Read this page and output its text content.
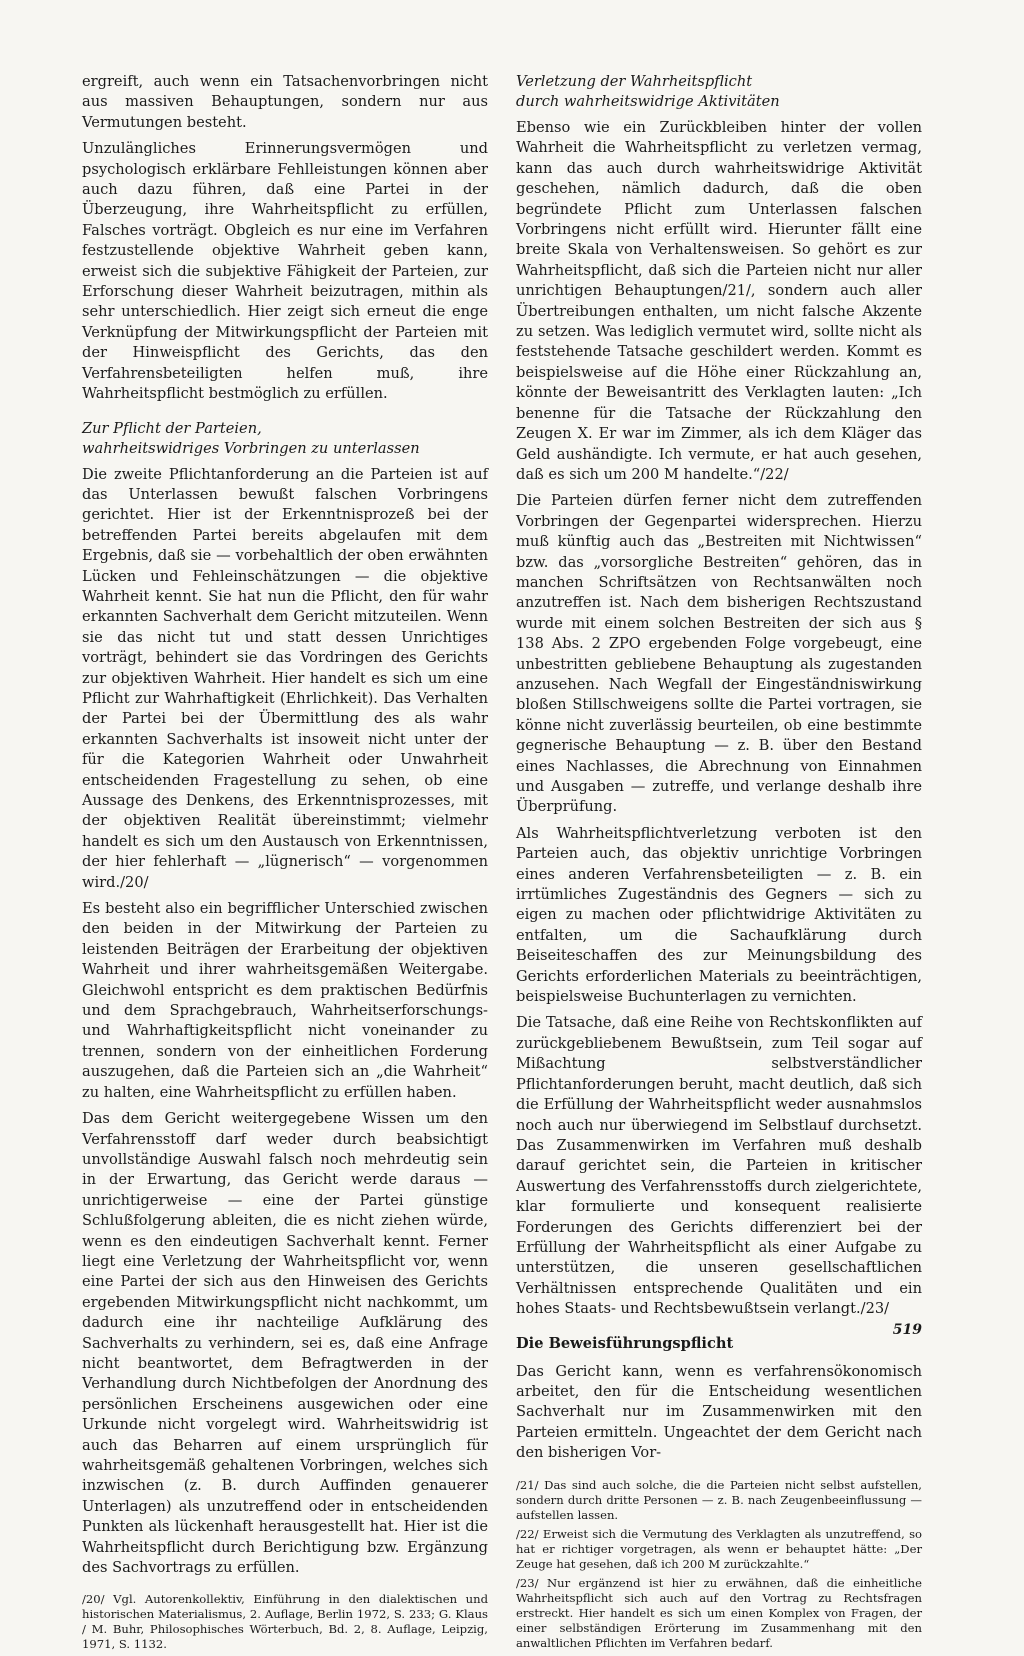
ergreift, auch wenn ein Tatsachenvorbringen nicht aus massiven Behauptungen, sondern nur aus Vermutungen besteht.

Unzulängliches Erinnerungsvermögen und psychologisch erklärbare Fehlleistungen können aber auch dazu führen, daß eine Partei in der Überzeugung, ihre Wahrheitspflicht zu erfüllen, Falsches vorträgt. Obgleich es nur eine im Verfahren festzustellende objektive Wahrheit geben kann, erweist sich die subjektive Fähigkeit der Parteien, zur Erforschung dieser Wahrheit beizutragen, mithin als sehr unterschiedlich. Hier zeigt sich erneut die enge Verknüpfung der Mitwirkungspflicht der Parteien mit der Hinweispflicht des Gerichts, das den Verfahrensbeteiligten helfen muß, ihre Wahrheitspflicht bestmöglich zu erfüllen.

Zur Pflicht der Parteien,
wahrheitswidriges Vorbringen zu unterlassen

Die zweite Pflichtanforderung an die Parteien ist auf das Unterlassen bewußt falschen Vorbringens gerichtet. Hier ist der Erkenntnisprozeß bei der betreffenden Partei bereits abgelaufen mit dem Ergebnis, daß sie — vorbehaltlich der oben erwähnten Lücken und Fehleinschätzungen — die objektive Wahrheit kennt. Sie hat nun die Pflicht, den für wahr erkannten Sachverhalt dem Gericht mitzuteilen. Wenn sie das nicht tut und statt dessen Unrichtiges vorträgt, behindert sie das Vordringen des Gerichts zur objektiven Wahrheit. Hier handelt es sich um eine Pflicht zur Wahrhaftigkeit (Ehrlichkeit). Das Verhalten der Partei bei der Übermittlung des als wahr erkannten Sachverhalts ist insoweit nicht unter der für die Kategorien Wahrheit oder Unwahrheit entscheidenden Fragestellung zu sehen, ob eine Aussage des Denkens, des Erkenntnisprozesses, mit der objektiven Realität übereinstimmt; vielmehr handelt es sich um den Austausch von Erkenntnissen, der hier fehlerhaft — „lügnerisch“ — vorgenommen wird./20/

Es besteht also ein begrifflicher Unterschied zwischen den beiden in der Mitwirkung der Parteien zu leistenden Beiträgen der Erarbeitung der objektiven Wahrheit und ihrer wahrheitsgemäßen Weitergabe. Gleichwohl entspricht es dem praktischen Bedürfnis und dem Sprachgebrauch, Wahrheitserforschungs- und Wahrhaftigkeitspflicht nicht voneinander zu trennen, sondern von der einheitlichen Forderung auszugehen, daß die Parteien sich an „die Wahrheit“ zu halten, eine Wahrheitspflicht zu erfüllen haben.

Das dem Gericht weitergegebene Wissen um den Verfahrensstoff darf weder durch beabsichtigt unvollständige Auswahl falsch noch mehrdeutig sein in der Erwartung, das Gericht werde daraus — unrichtigerweise — eine der Partei günstige Schlußfolgerung ableiten, die es nicht ziehen würde, wenn es den eindeutigen Sachverhalt kennt. Ferner liegt eine Verletzung der Wahrheitspflicht vor, wenn eine Partei der sich aus den Hinweisen des Gerichts ergebenden Mitwirkungspflicht nicht nachkommt, um dadurch eine ihr nachteilige Aufklärung des Sachverhalts zu verhindern, sei es, daß eine Anfrage nicht beantwortet, dem Befragtwerden in der Verhandlung durch Nichtbefolgen der Anordnung des persönlichen Erscheinens ausgewichen oder eine Urkunde nicht vorgelegt wird. Wahrheitswidrig ist auch das Beharren auf einem ursprünglich für wahrheitsgemäß gehaltenen Vorbringen, welches sich inzwischen (z. B. durch Auffinden genauerer Unterlagen) als unzutreffend oder in entscheidenden Punkten als lückenhaft herausgestellt hat. Hier ist die Wahrheitspflicht durch Berichtigung bzw. Ergänzung des Sachvortrags zu erfüllen.

/20/ Vgl. Autorenkollektiv, Einführung in den dialektischen und historischen Materialismus, 2. Auflage, Berlin 1972, S. 233; G. Klaus / M. Buhr, Philosophisches Wörterbuch, Bd. 2, 8. Auflage, Leipzig, 1971, S. 1132.

Verletzung der Wahrheitspflicht
durch wahrheitswidrige Aktivitäten

Ebenso wie ein Zurückbleiben hinter der vollen Wahrheit die Wahrheitspflicht zu verletzen vermag, kann das auch durch wahrheitswidrige Aktivität geschehen, nämlich dadurch, daß die oben begründete Pflicht zum Unterlassen falschen Vorbringens nicht erfüllt wird. Hierunter fällt eine breite Skala von Verhaltensweisen. So gehört es zur Wahrheitspflicht, daß sich die Parteien nicht nur aller unrichtigen Behauptungen/21/, sondern auch aller Übertreibungen enthalten, um nicht falsche Akzente zu setzen. Was lediglich vermutet wird, sollte nicht als feststehende Tatsache geschildert werden. Kommt es beispielsweise auf die Höhe einer Rückzahlung an, könnte der Beweisantritt des Verklagten lauten: „Ich benenne für die Tatsache der Rückzahlung den Zeugen X. Er war im Zimmer, als ich dem Kläger das Geld aushändigte. Ich vermute, er hat auch gesehen, daß es sich um 200 M handelte.“/22/

Die Parteien dürfen ferner nicht dem zutreffenden Vorbringen der Gegenpartei widersprechen. Hierzu muß künftig auch das „Bestreiten mit Nichtwissen“ bzw. das „vorsorgliche Bestreiten“ gehören, das in manchen Schriftsätzen von Rechtsanwälten noch anzutreffen ist. Nach dem bisherigen Rechtszustand wurde mit einem solchen Bestreiten der sich aus § 138 Abs. 2 ZPO ergebenden Folge vorgebeugt, eine unbestritten gebliebene Behauptung als zugestanden anzusehen. Nach Wegfall der Eingeständniswirkung bloßen Stillschweigens sollte die Partei vortragen, sie könne nicht zuverlässig beurteilen, ob eine bestimmte gegnerische Behauptung — z. B. über den Bestand eines Nachlasses, die Abrechnung von Einnahmen und Ausgaben — zutreffe, und verlange deshalb ihre Überprüfung.

Als Wahrheitspflichtverletzung verboten ist den Parteien auch, das objektiv unrichtige Vorbringen eines anderen Verfahrensbeteiligten — z. B. ein irrtümliches Zugeständnis des Gegners — sich zu eigen zu machen oder pflichtwidrige Aktivitäten zu entfalten, um die Sachaufklärung durch Beiseiteschaffen des zur Meinungsbildung des Gerichts erforderlichen Materials zu beeinträchtigen, beispielsweise Buchunterlagen zu vernichten.

Die Tatsache, daß eine Reihe von Rechtskonflikten auf zurückgebliebenem Bewußtsein, zum Teil sogar auf Mißachtung selbstverständlicher Pflichtanforderungen beruht, macht deutlich, daß sich die Erfüllung der Wahrheitspflicht weder ausnahmslos noch auch nur überwiegend im Selbstlauf durchsetzt. Das Zusammenwirken im Verfahren muß deshalb darauf gerichtet sein, die Parteien in kritischer Auswertung des Verfahrensstoffs durch zielgerichtete, klar formulierte und konsequent realisierte Forderungen des Gerichts differenziert bei der Erfüllung der Wahrheitspflicht als einer Aufgabe zu unterstützen, die unseren gesellschaftlichen Verhältnissen entsprechende Qualitäten und ein hohes Staats- und Rechtsbewußtsein verlangt./23/

Die Beweisführungspflicht

Das Gericht kann, wenn es verfahrensökonomisch arbeitet, den für die Entscheidung wesentlichen Sachverhalt nur im Zusammenwirken mit den Parteien ermitteln. Ungeachtet der dem Gericht nach den bisherigen Vor-

/21/ Das sind auch solche, die die Parteien nicht selbst aufstellen, sondern durch dritte Personen — z. B. nach Zeugenbeeinflussung — aufstellen lassen.

/22/ Erweist sich die Vermutung des Verklagten als unzutreffend, so hat er richtiger vorgetragen, als wenn er behauptet hätte: „Der Zeuge hat gesehen, daß ich 200 M zurückzahlte.“

/23/ Nur ergänzend ist hier zu erwähnen, daß die einheitliche Wahrheitspflicht sich auch auf den Vortrag zu Rechtsfragen erstreckt. Hier handelt es sich um einen Komplex von Fragen, der einer selbständigen Erörterung im Zusammenhang mit den anwaltlichen Pflichten im Verfahren bedarf.

519
